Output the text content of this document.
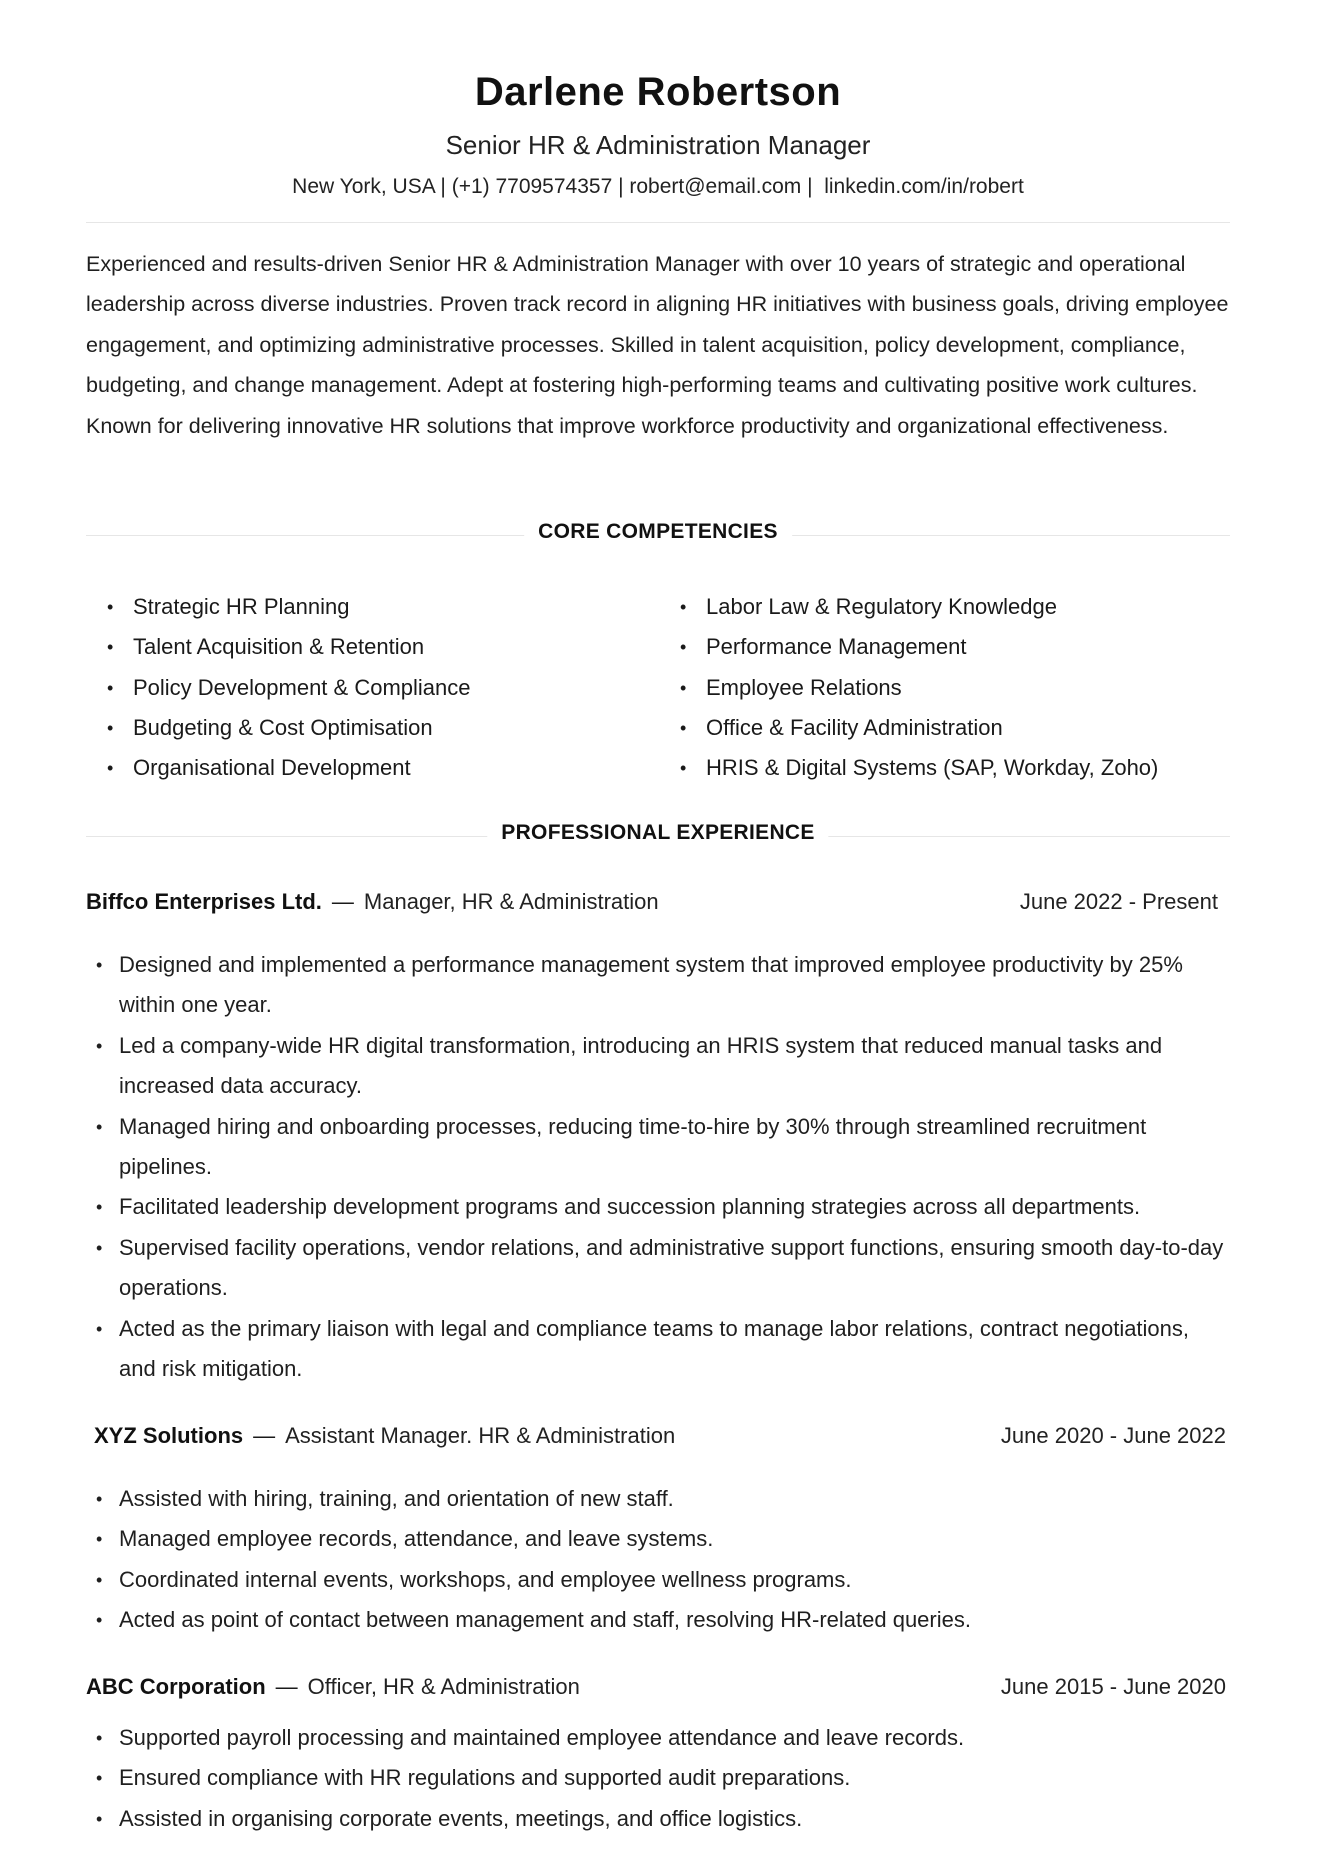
Darlene Robertson
Senior HR & Administration Manager
New York, USA | (+1) 7709574357 | robert@email.com |  linkedin.com/in/robert
Experienced and results-driven Senior HR & Administration Manager with over 10 years of strategic and operational leadership across diverse industries. Proven track record in aligning HR initiatives with business goals, driving employee engagement, and optimizing administrative processes. Skilled in talent acquisition, policy development, compliance, budgeting, and change management. Adept at fostering high-performing teams and cultivating positive work cultures. Known for delivering innovative HR solutions that improve workforce productivity and organizational effectiveness.
CORE COMPETENCIES
• Strategic HR Planning
• Talent Acquisition & Retention
• Policy Development & Compliance
• Budgeting & Cost Optimisation
• Organisational Development
• Labor Law & Regulatory Knowledge
• Performance Management
• Employee Relations
• Office & Facility Administration
• HRIS & Digital Systems (SAP, Workday, Zoho)
PROFESSIONAL EXPERIENCE
Biffco Enterprises Ltd. — Manager, HR & Administration	June 2022 - Present
• Designed and implemented a performance management system that improved employee productivity by 25% within one year.
• Led a company-wide HR digital transformation, introducing an HRIS system that reduced manual tasks and increased data accuracy.
• Managed hiring and onboarding processes, reducing time-to-hire by 30% through streamlined recruitment pipelines.
• Facilitated leadership development programs and succession planning strategies across all departments.
• Supervised facility operations, vendor relations, and administrative support functions, ensuring smooth day-to-day operations.
• Acted as the primary liaison with legal and compliance teams to manage labor relations, contract negotiations, and risk mitigation.
XYZ Solutions — Assistant Manager. HR & Administration	June 2020 - June 2022
• Assisted with hiring, training, and orientation of new staff.
• Managed employee records, attendance, and leave systems.
• Coordinated internal events, workshops, and employee wellness programs.
• Acted as point of contact between management and staff, resolving HR-related queries.
ABC Corporation — Officer, HR & Administration	June 2015 - June 2020
• Supported payroll processing and maintained employee attendance and leave records.
• Ensured compliance with HR regulations and supported audit preparations.
• Assisted in organising corporate events, meetings, and office logistics.
